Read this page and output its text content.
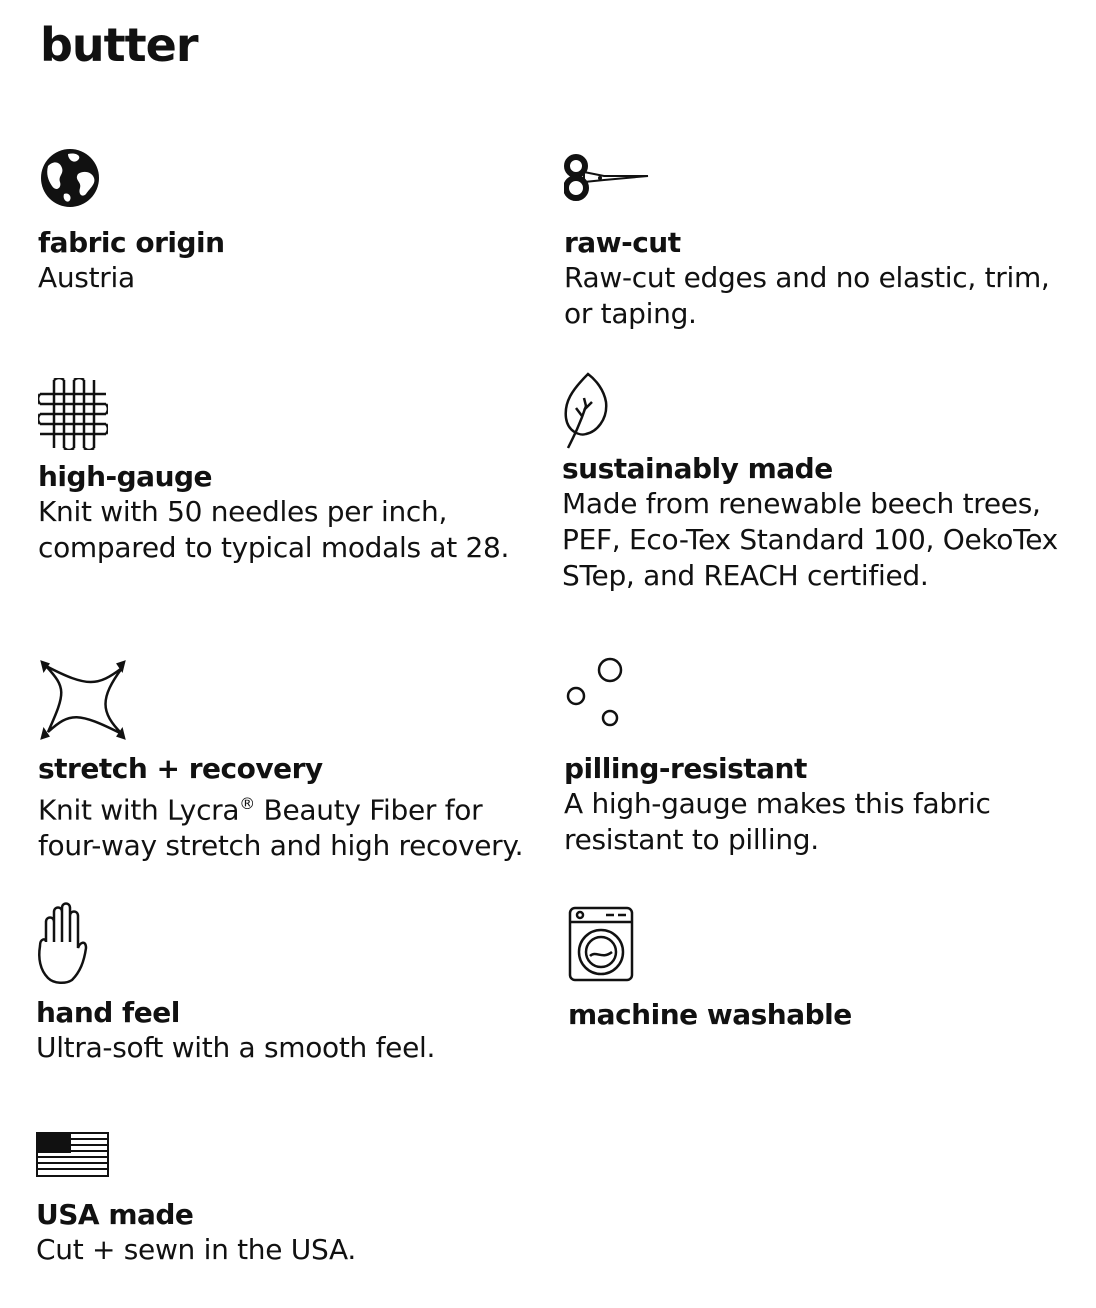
butter
fabric origin
Austria
raw-cut
Raw-cut edges and no elastic, trim,
or taping.
high-gauge
Knit with 50 needles per inch,
compared to typical modals at 28.
sustainably made
Made from renewable beech trees,
PEF, Eco-Tex Standard 100, OekoTex
STep, and REACH certified.
stretch + recovery
Knit with Lycra® Beauty Fiber for
four-way stretch and high recovery.
pilling-resistant
A high-gauge makes this fabric
resistant to pilling.
hand feel
Ultra-soft with a smooth feel.
machine washable
USA made
Cut + sewn in the USA.
